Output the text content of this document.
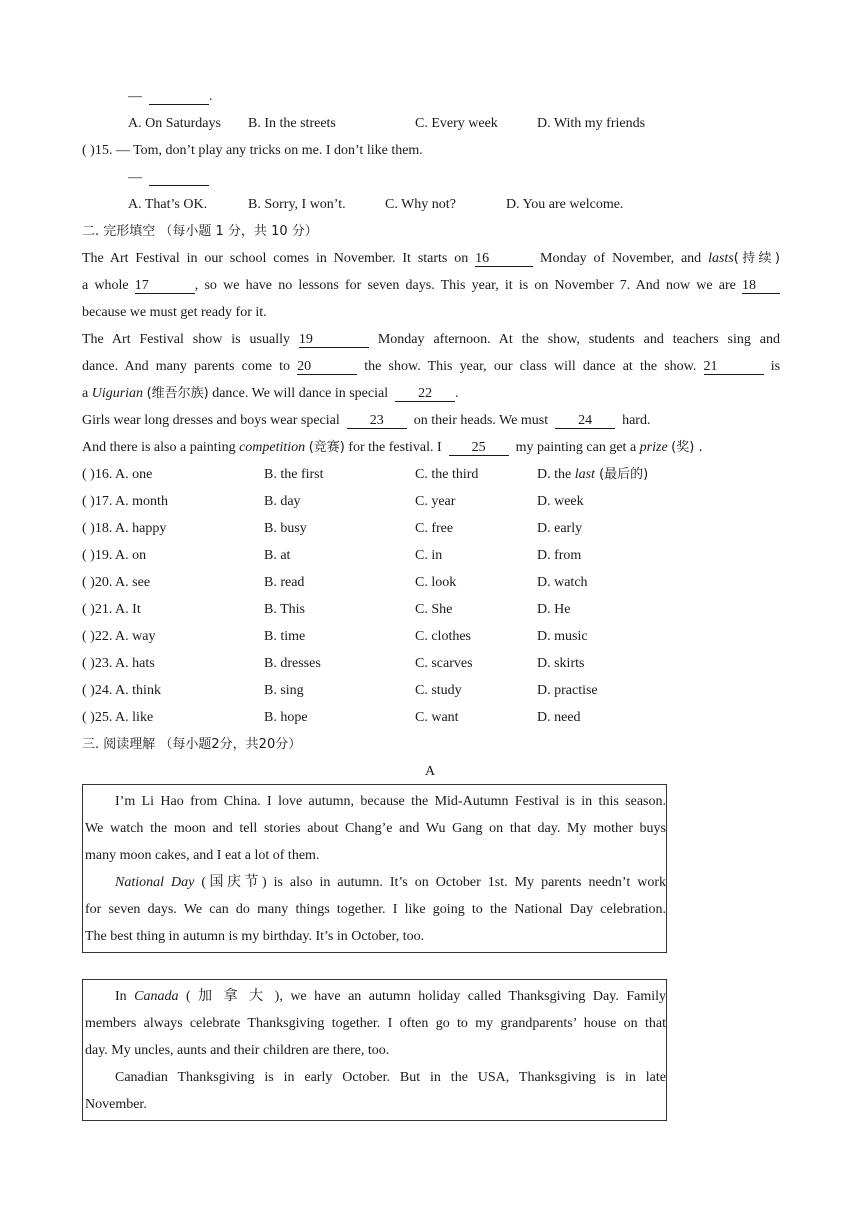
—	.
A. On Saturdays B. In the streets	C. Every week	D. With my friends
( )15. — Tom, don’t play any tricks on me. I don’t like them.
—
A. That’s OK.	B. Sorry, I won’t.	C. Why not?	D. You are welcome.
二. 完形填空 （每小题 1 分，共 10 分）
The Art Festival in our school comes in November. It starts on 16	Monday of November, and lasts(持续)
a whole 17	, so we have no lessons for seven days. This year, it is on November 7. And now we are 18
because we must get ready for it.
The Art Festival show is usually 19	Monday afternoon. At the show, students and teachers sing and
dance. And many parents come to 20	the show. This year, our class will dance at the show. 21	is
a Uigurian (维吾尔族) dance. We will dance in special 22 .
Girls wear long dresses and boys wear special 23 on their heads. We must 24 hard.
And there is also a painting competition (竞赛) for the festival. I 25 my painting can get a prize (奖) .
( )16. A. one	B. the first	C. the third	D. the last (最后的)
( )17. A. month	B. day	C. year	D. week
( )18. A. happy	B. busy	C. free	D. early
( )19. A. on	B. at	C. in	D. from
( )20. A. see	B. read	C. look	D. watch
( )21. A. It	B. This	C. She	D. He
( )22. A. way	B. time	C. clothes	D. music
( )23. A. hats	B. dresses	C. scarves	D. skirts
( )24. A. think	B. sing	C. study	D. practise
( )25. A. like	B. hope	C. want	D. need
三. 阅读理解 （每小题2分，共20分）
A
I’m Li Hao from China. I love autumn, because the Mid-Autumn Festival is in this season.
We watch the moon and tell stories about Chang’e and Wu Gang on that day. My mother buys
many moon cakes, and I eat a lot of them.
National Day (国庆节) is also in autumn. It’s on October 1st. My parents needn’t work
for seven days. We can do many things together. I like going to the National Day celebration.
The best thing in autumn is my birthday. It’s in October, too.
In Canada ( 加 拿 大 ), we have an autumn holiday called Thanksgiving Day. Family
members always celebrate Thanksgiving together. I often go to my grandparents’ house on that
day. My uncles, aunts and their children are there, too.
Canadian Thanksgiving is in early October. But in the USA, Thanksgiving is in late
November.
